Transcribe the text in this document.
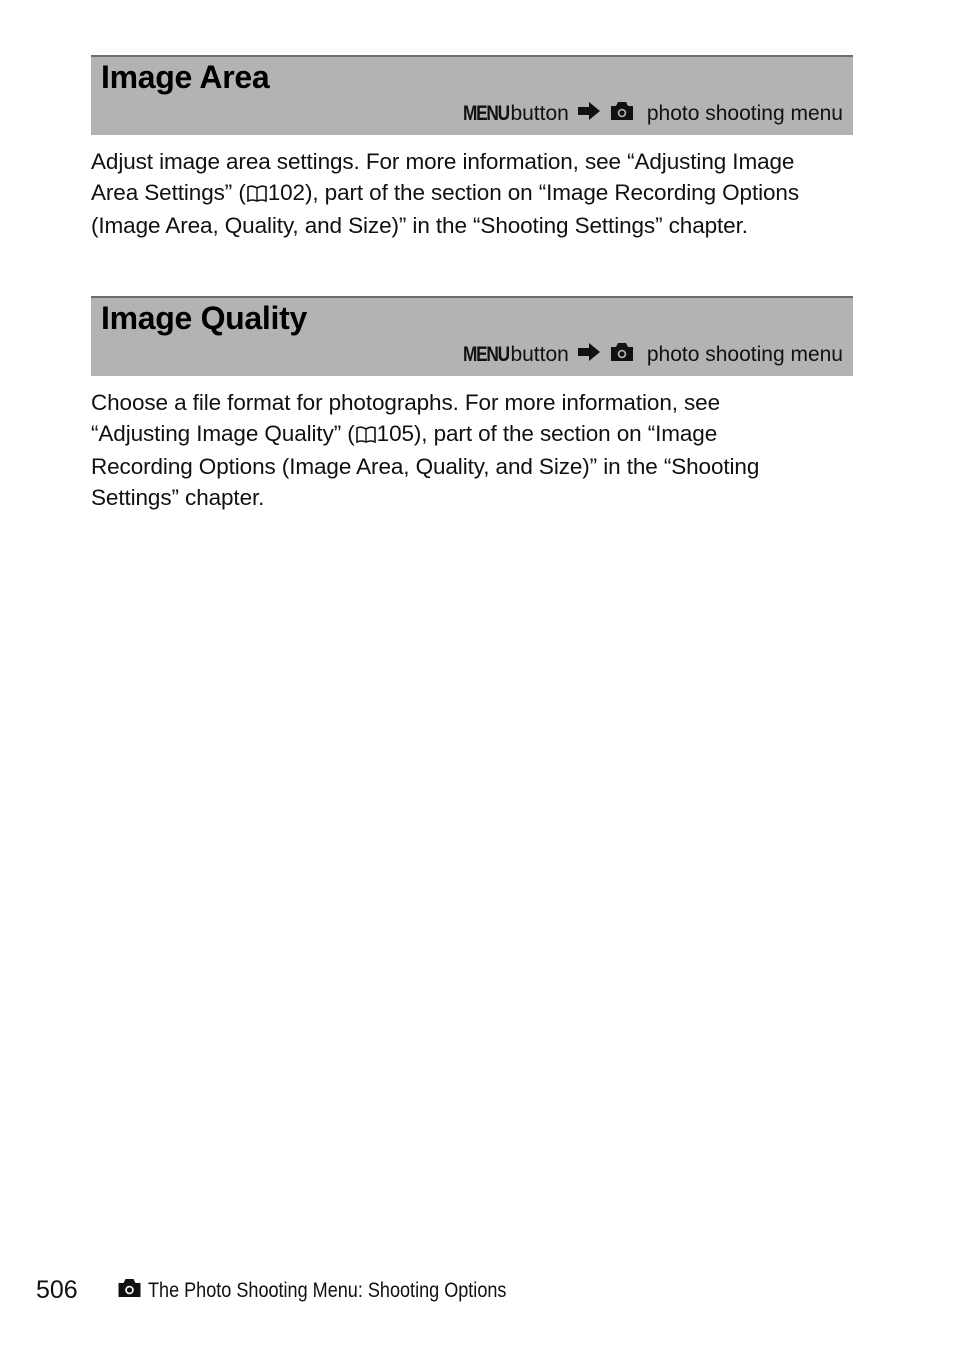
Image Area
MENU button	photo shooting menu
Adjust image area settings. For more information, see “Adjusting Image
Area Settings” ( 102), part of the section on “Image Recording Options
(Image Area, Quality, and Size)” in the “Shooting Settings” chapter.
Image Quality
MENU button	photo shooting menu
Choose a file format for photographs. For more information, see
“Adjusting Image Quality” ( 105), part of the section on “Image
Recording Options (Image Area, Quality, and Size)” in the “Shooting
Settings” chapter.
506	The Photo Shooting Menu: Shooting Options
